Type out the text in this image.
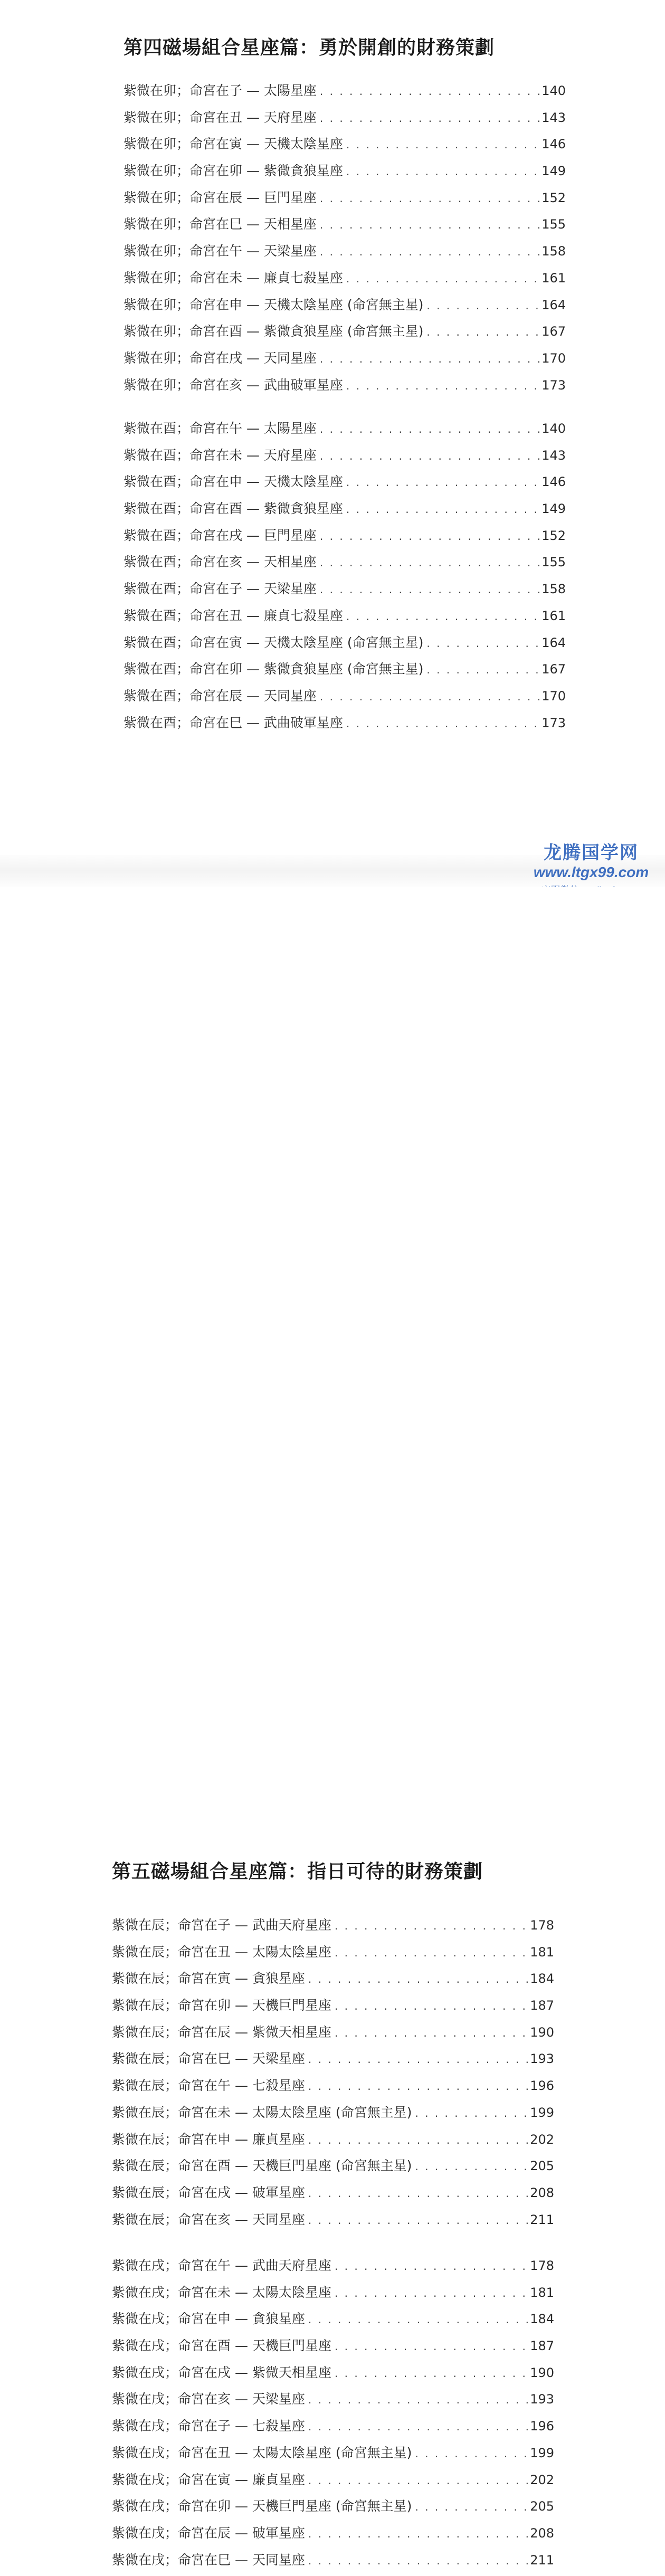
第四磁場組合星座篇：勇於開創的財務策劃
紫微在卯；命宮在子 — 太陽星座 . . .	140
紫微在卯；命宮在丑 — 天府星座 . . .	143
紫微在卯；命宮在寅 — 天機太陰星座 . . .	146
紫微在卯；命宮在卯 — 紫微貪狼星座 . . .	149
紫微在卯；命宮在辰 — 巨門星座 . . .	152
紫微在卯；命宮在巳 — 天相星座 . . .	155
紫微在卯；命宮在午 — 天梁星座 . . .	158
紫微在卯；命宮在未 — 廉貞七殺星座 . . .	161
紫微在卯；命宮在申 — 天機太陰星座 (命宮無主星) . . .	164
紫微在卯；命宮在酉 — 紫微貪狼星座 (命宮無主星) . . .	167
紫微在卯；命宮在戌 — 天同星座 . . .	170
紫微在卯；命宮在亥 — 武曲破軍星座 . . .	173
紫微在酉；命宮在午 — 太陽星座 . . .	140
紫微在酉；命宮在未 — 天府星座 . . .	143
紫微在酉；命宮在申 — 天機太陰星座 . . .	146
紫微在酉；命宮在酉 — 紫微貪狼星座 . . .	149
紫微在酉；命宮在戌 — 巨門星座 . . .	152
紫微在酉；命宮在亥 — 天相星座 . . .	155
紫微在酉；命宮在子 — 天梁星座 . . .	158
紫微在酉；命宮在丑 — 廉貞七殺星座 . . .	161
紫微在酉；命宮在寅 — 天機太陰星座 (命宮無主星) . . .	164
紫微在酉；命宮在卯 — 紫微貪狼星座 (命宮無主星) . . .	167
紫微在酉；命宮在辰 — 天同星座 . . .	170
紫微在酉；命宮在巳 — 武曲破軍星座 . . .	173
龙腾国学网
www.ltgx99.com
第五磁場組合星座篇：指日可待的財務策劃
紫微在辰；命宮在子 — 武曲天府星座 . . .	178
紫微在辰；命宮在丑 — 太陽太陰星座 . . .	181
紫微在辰；命宮在寅 — 貪狼星座 . . .	184
紫微在辰；命宮在卯 — 天機巨門星座 . . .	187
紫微在辰；命宮在辰 — 紫微天相星座 . . .	190
紫微在辰；命宮在巳 — 天梁星座 . . .	193
紫微在辰；命宮在午 — 七殺星座 . . .	196
紫微在辰；命宮在未 — 太陽太陰星座 (命宮無主星) . . .	199
紫微在辰；命宮在申 — 廉貞星座 . . .	202
紫微在辰；命宮在酉 — 天機巨門星座 (命宮無主星) . . .	205
紫微在辰；命宮在戌 — 破軍星座 . . .	208
紫微在辰；命宮在亥 — 天同星座 . . .	211
紫微在戌；命宮在午 — 武曲天府星座 . . .	178
紫微在戌；命宮在未 — 太陽太陰星座 . . .	181
紫微在戌；命宮在申 — 貪狼星座 . . .	184
紫微在戌；命宮在酉 — 天機巨門星座 . . .	187
紫微在戌；命宮在戌 — 紫微天相星座 . . .	190
紫微在戌；命宮在亥 — 天梁星座 . . .	193
紫微在戌；命宮在子 — 七殺星座 . . .	196
紫微在戌；命宮在丑 — 太陽太陰星座 (命宮無主星) . . .	199
紫微在戌；命宮在寅 — 廉貞星座 . . .	202
紫微在戌；命宮在卯 — 天機巨門星座 (命宮無主星) . . .	205
紫微在戌；命宮在辰 — 破軍星座 . . .	208
紫微在戌；命宮在巳 — 天同星座 . . .	211
